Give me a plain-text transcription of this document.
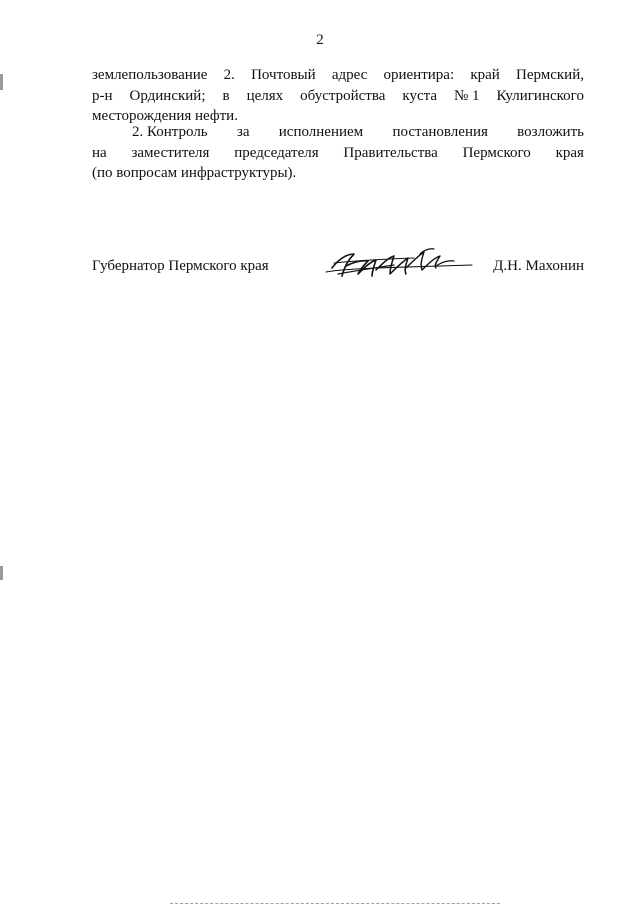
2
землепользование 2. Почтовый адрес ориентира: край Пермский,
р-н Ординский; в целях обустройства куста № 1 Кулигинского
месторождения нефти.
2. Контроль за исполнением постановления возложить
на заместителя председателя Правительства Пермского края
(по вопросам инфраструктуры).
Губернатор Пермского края	Д.Н. Махонин
